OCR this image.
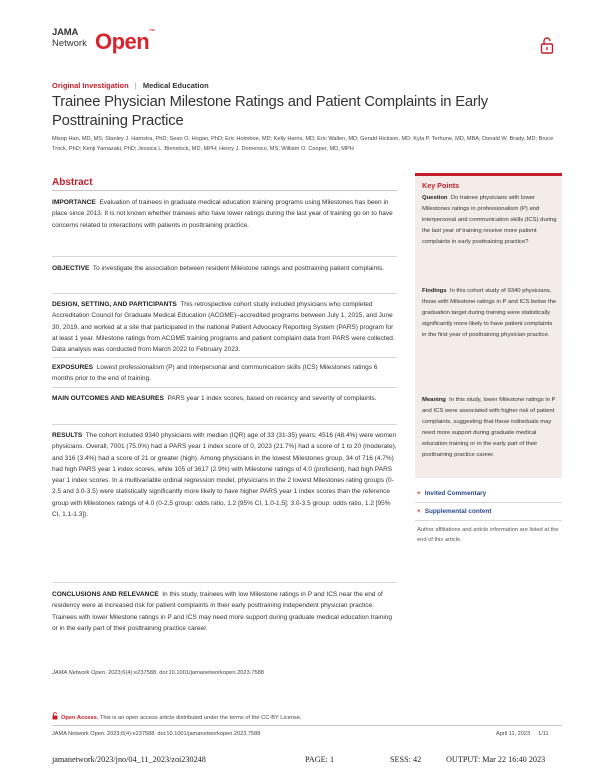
JAMA
Network Open™
Original Investigation | Medical Education
Trainee Physician Milestone Ratings and Patient Complaints in Early Posttraining Practice
Misop Han, MD, MS; Stanley J. Hamstra, PhD; Sean O. Hogan, PhD; Eric Holmboe, MD; Kelly Harris, MD; Eric Wallen, MD; Gerald Hickson, MD; Kyla P. Terhune, MD, MBA; Donald W. Brady, MD; Bruce Trock, PhD; Kenji Yamazaki, PhD; Jessica L. Bienstock, MD, MPH; Henry J. Domenico, MS; William O. Cooper, MD, MPH
Abstract
IMPORTANCE Evaluation of trainees in graduate medical education training programs using Milestones has been in place since 2013. It is not known whether trainees who have lower ratings during the last year of training go on to have concerns related to interactions with patients in posttraining practice.
OBJECTIVE To investigate the association between resident Milestone ratings and posttraining patient complaints.
DESIGN, SETTING, AND PARTICIPANTS This retrospective cohort study included physicians who completed Accreditation Council for Graduate Medical Education (ACGME)–accredited programs between July 1, 2015, and June 30, 2019, and worked at a site that participated in the national Patient Advocacy Reporting System (PARS) program for at least 1 year. Milestone ratings from ACGME training programs and patient complaint data from PARS were collected. Data analysis was conducted from March 2022 to February 2023.
EXPOSURES Lowest professionalism (P) and interpersonal and communication skills (ICS) Milestones ratings 6 months prior to the end of training.
MAIN OUTCOMES AND MEASURES PARS year 1 index scores, based on recency and severity of complaints.
RESULTS The cohort included 9340 physicians with median (IQR) age of 33 (31-35) years; 4516 (48.4%) were women physicians. Overall, 7001 (75.0%) had a PARS year 1 index score of 0, 2023 (21.7%) had a score of 1 to 20 (moderate), and 316 (3.4%) had a score of 21 or greater (high). Among physicians in the lowest Milestones group, 34 of 716 (4.7%) had high PARS year 1 index scores, while 105 of 3617 (2.9%) with Milestone ratings of 4.0 (proficient), had high PARS year 1 index scores. In a multivariable ordinal regression model, physicians in the 2 lowest Milestones rating groups (0-2.5 and 3.0-3.5) were statistically significantly more likely to have higher PARS year 1 index scores than the reference group with Milestones ratings of 4.0 (0-2.5 group: odds ratio, 1.2 [95% CI, 1.0-1.5]; 3.0-3.5 group: odds ratio, 1.2 [95% CI, 1.1-1.3]).
CONCLUSIONS AND RELEVANCE In this study, trainees with low Milestone ratings in P and ICS near the end of residency were at increased risk for patient complaints in their early posttraining independent physician practice. Trainees with lower Milestone ratings in P and ICS may need more support during graduate medical education training or in the early part of their posttraining practice career.
JAMA Network Open. 2023;6(4):e237588. doi:10.1001/jamanetworkopen.2023.7588
Key Points
Question Do trainee physicians with lower Milestones ratings in professionalism (P) and interpersonal and communication skills (ICS) during the last year of training receive more patient complaints in early posttraining practice?
Findings In this cohort study of 9340 physicians, those with Milestone ratings in P and ICS below the graduation target during training were statistically significantly more likely to have patient complaints in the first year of posttraining physician practice.
Meaning In this study, lower Milestone ratings in P and ICS were associated with higher risk of patient complaints, suggesting that these individuals may need more support during graduate medical education training or in the early part of their posttraining practice career.
+ Invited Commentary
+ Supplemental content
Author affiliations and article information are listed at the end of this article.
Open Access. This is an open access article distributed under the terms of the CC-BY License.
JAMA Network Open. 2023;6(4):e237588. doi:10.1001/jamanetworkopen.2023.7588	April 11, 2023 1/11
jamanetwork/2023/jno/04_11_2023/zoi230248	PAGE: 1	SESS: 42	OUTPUT: Mar 22 16:40 2023
